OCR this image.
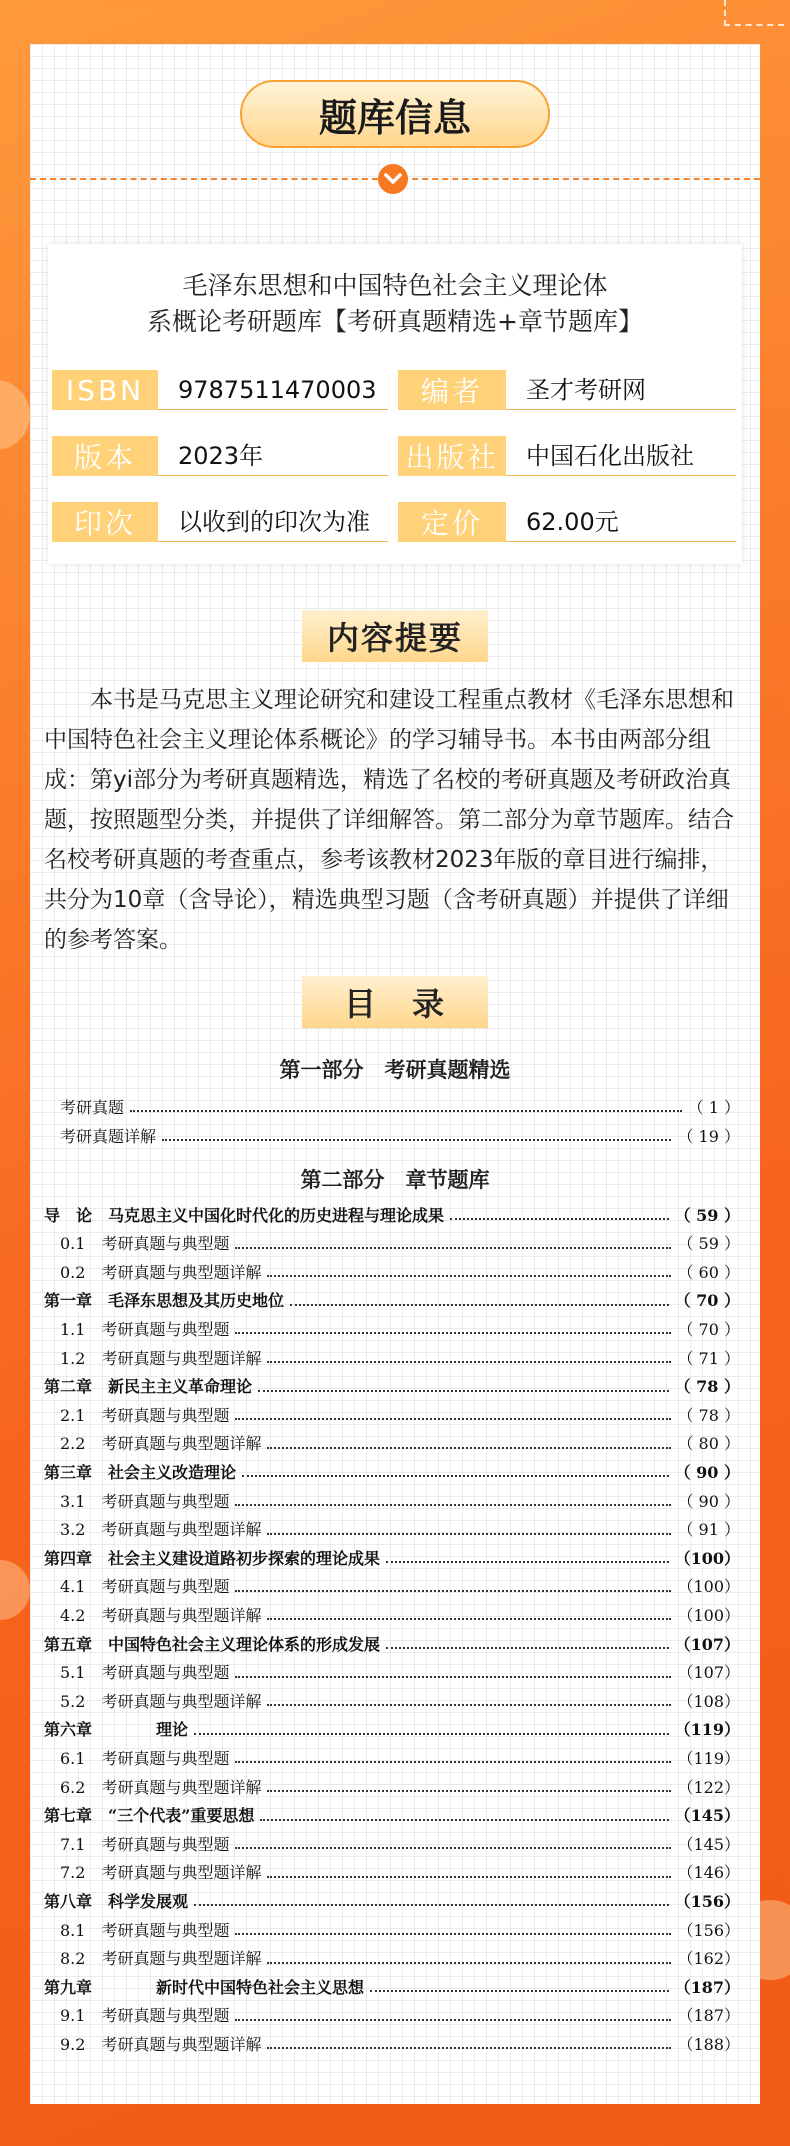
题库信息
毛泽东思想和中国特色社会主义理论体
系概论考研题库【考研真题精选+章节题库】
ISBN	9787511470003	编者	圣才考研网
版本	2023年	出版社	中国石化出版社
印次	以收到的印次为准	定价	62.00元
内容提要
本书是马克思主义理论研究和建设工程重点教材《毛泽东思想和中国特色社会主义理论体系概论》的学习辅导书。本书由两部分组成：第yi部分为考研真题精选，精选了名校的考研真题及考研政治真题，按照题型分类，并提供了详细解答。第二部分为章节题库。结合名校考研真题的考查重点，参考该教材2023年版的章目进行编排，共分为10章（含导论），精选典型习题（含考研真题）并提供了详细的参考答案。
目　录
第一部分　考研真题精选
考研真题	（ 1 ）
考研真题详解	（ 19 ）
第二部分　章节题库
导　论　马克思主义中国化时代化的历史进程与理论成果	（ 59 ）
　0.1　考研真题与典型题	（ 59 ）
　0.2　考研真题与典型题详解	（ 60 ）
第一章　毛泽东思想及其历史地位	（ 70 ）
　1.1　考研真题与典型题	（ 70 ）
　1.2　考研真题与典型题详解	（ 71 ）
第二章　新民主主义革命理论	（ 78 ）
　2.1　考研真题与典型题	（ 78 ）
　2.2　考研真题与典型题详解	（ 80 ）
第三章　社会主义改造理论	（ 90 ）
　3.1　考研真题与典型题	（ 90 ）
　3.2　考研真题与典型题详解	（ 91 ）
第四章　社会主义建设道路初步探索的理论成果	（100）
　4.1　考研真题与典型题	（100）
　4.2　考研真题与典型题详解	（100）
第五章　中国特色社会主义理论体系的形成发展	（107）
　5.1　考研真题与典型题	（107）
　5.2　考研真题与典型题详解	（108）
第六章　　　　理论	（119）
　6.1　考研真题与典型题	（119）
　6.2　考研真题与典型题详解	（122）
第七章　“三个代表”重要思想	（145）
　7.1　考研真题与典型题	（145）
　7.2　考研真题与典型题详解	（146）
第八章　科学发展观	（156）
　8.1　考研真题与典型题	（156）
　8.2　考研真题与典型题详解	（162）
第九章　　　　新时代中国特色社会主义思想	（187）
　9.1　考研真题与典型题	（187）
　9.2　考研真题与典型题详解	（188）
